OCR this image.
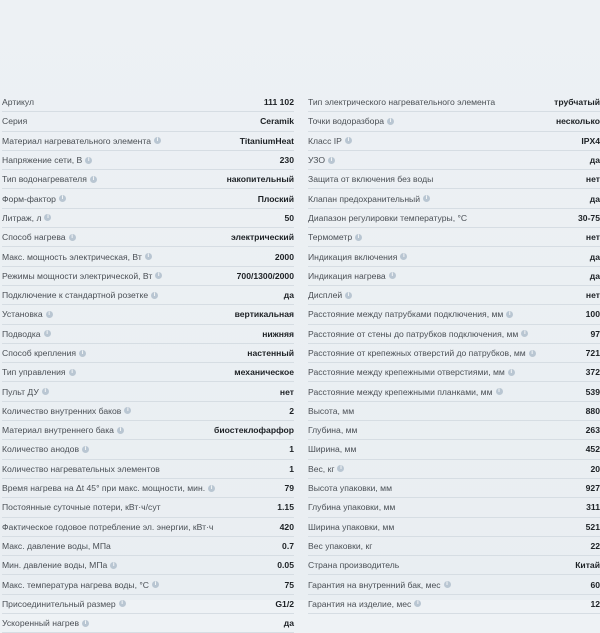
Артикул	111 102
Серия	Ceramik
Материал нагревательного элемента	i	TitaniumHeat
Напряжение сети, В	i	230
Тип водонагревателя	i	накопительный
Форм-фактор	i	Плоский
Литраж, л	i	50
Способ нагрева	i	электрический
Макс. мощность электрическая, Вт	i	2000
Режимы мощности электрической, Вт	i	700/1300/2000
Подключение к стандартной розетке	i	да
Установка	i	вертикальная
Подводка	i	нижняя
Способ крепления	i	настенный
Тип управления	i	механическое
Пульт ДУ	i	нет
Количество внутренних баков	i	2
Материал внутреннего бака	i	биостеклофарфор
Количество анодов	i	1
Количество нагревательных элементов	1
Время нагрева на Δt 45° при макс. мощности, мин.	i	79
Постоянные суточные потери, кВт·ч/сут	1.15
Фактическое годовое потребление эл. энергии, кВт·ч	420
Макс. давление воды, МПа	0.7
Мин. давление воды, МПа	i	0.05
Макс. температура нагрева воды, °С	i	75
Присоединительный размер	i	G1/2
Ускоренный нагрев	i	да
Тип электрического нагревательного элемента	трубчатый
Точки водоразбора	i	несколько
Класс IP	i	IPX4
УЗО	i	да
Защита от включения без воды	нет
Клапан предохранительный	i	да
Диапазон регулировки температуры, °С	30-75
Термометр	i	нет
Индикация включения	i	да
Индикация нагрева	i	да
Дисплей	i	нет
Расстояние между патрубками подключения, мм	i	100
Расстояние от стены до патрубков подключения, мм	i	97
Расстояние от крепежных отверстий до патрубков, мм	i	721
Расстояние между крепежными отверстиями, мм	i	372
Расстояние между крепежными планками, мм	i	539
Высота, мм	880
Глубина, мм	263
Ширина, мм	452
Вес, кг	i	20
Высота упаковки, мм	927
Глубина упаковки, мм	311
Ширина упаковки, мм	521
Вес упаковки, кг	22
Страна производитель	Китай
Гарантия на внутренний бак, мес	i	60
Гарантия на изделие, мес	i	12
